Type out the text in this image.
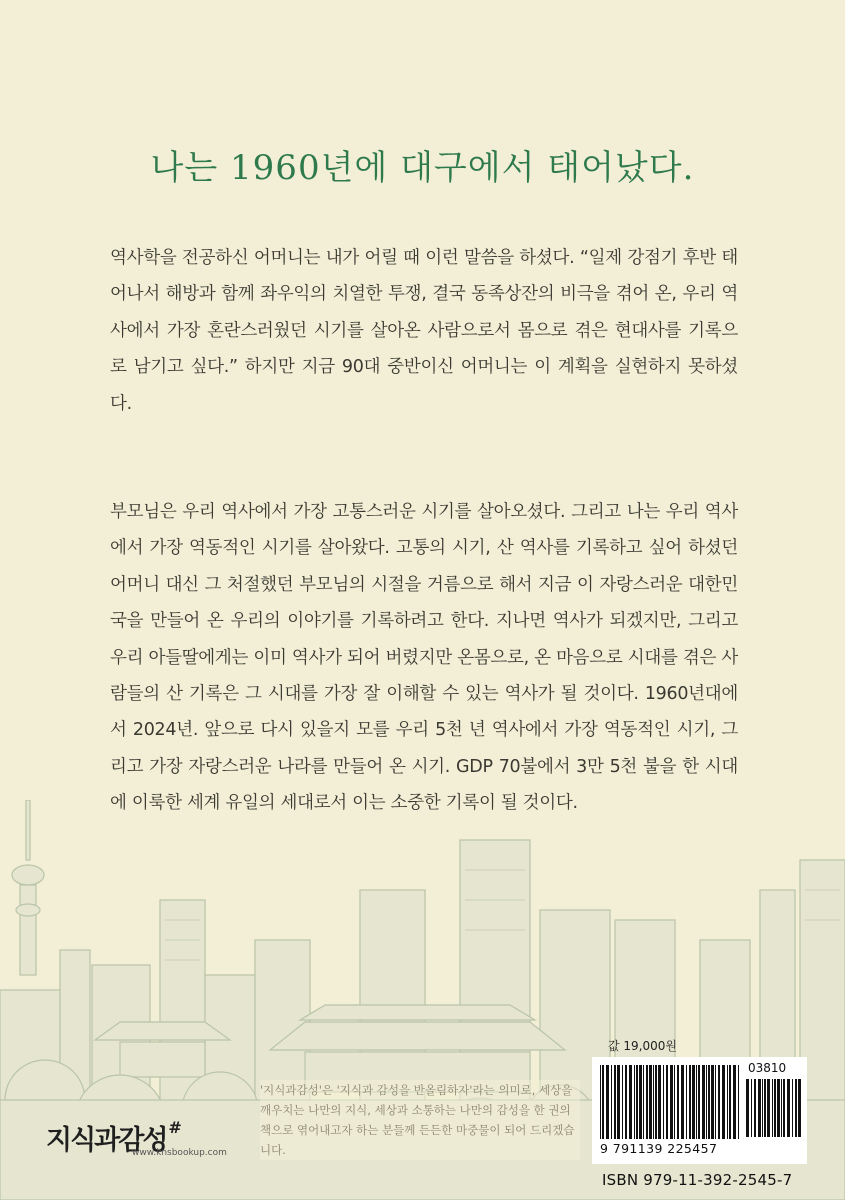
나는 1960년에 대구에서 태어났다.
역사학을 전공하신 어머니는 내가 어릴 때 이런 말씀을 하셨다. “일제 강점기 후반 태어나서 해방과 함께 좌우익의 치열한 투쟁, 결국 동족상잔의 비극을 겪어 온, 우리 역사에서 가장 혼란스러웠던 시기를 살아온 사람으로서 몸으로 겪은 현대사를 기록으로 남기고 싶다.” 하지만 지금 90대 중반이신 어머니는 이 계획을 실현하지 못하셨다.
부모님은 우리 역사에서 가장 고통스러운 시기를 살아오셨다. 그리고 나는 우리 역사에서 가장 역동적인 시기를 살아왔다. 고통의 시기, 산 역사를 기록하고 싶어 하셨던 어머니 대신 그 처절했던 부모님의 시절을 거름으로 해서 지금 이 자랑스러운 대한민국을 만들어 온 우리의 이야기를 기록하려고 한다. 지나면 역사가 되겠지만, 그리고 우리 아들딸에게는 이미 역사가 되어 버렸지만 온몸으로, 온 마음으로 시대를 겪은 사람들의 산 기록은 그 시대를 가장 잘 이해할 수 있는 역사가 될 것이다. 1960년대에서 2024년. 앞으로 다시 있을지 모를 우리 5천 년 역사에서 가장 역동적인 시기, 그리고 가장 자랑스러운 나라를 만들어 온 시기. GDP 70불에서 3만 5천 불을 한 시대에 이룩한 세계 유일의 세대로서 이는 소중한 기록이 될 것이다.
'지식과감성'은 '지식과 감성을 반올림하자'라는 의미로, 세상을 깨우치는 나만의 지식, 세상과 소통하는 나만의 감성을 한 권의 책으로 엮어내고자 하는 분들께 든든한 마중물이 되어 드리겠습니다.
지식과감성 #
www.knsbookup.com
값 19,000원
03810
9 791139 225457
ISBN 979-11-392-2545-7
